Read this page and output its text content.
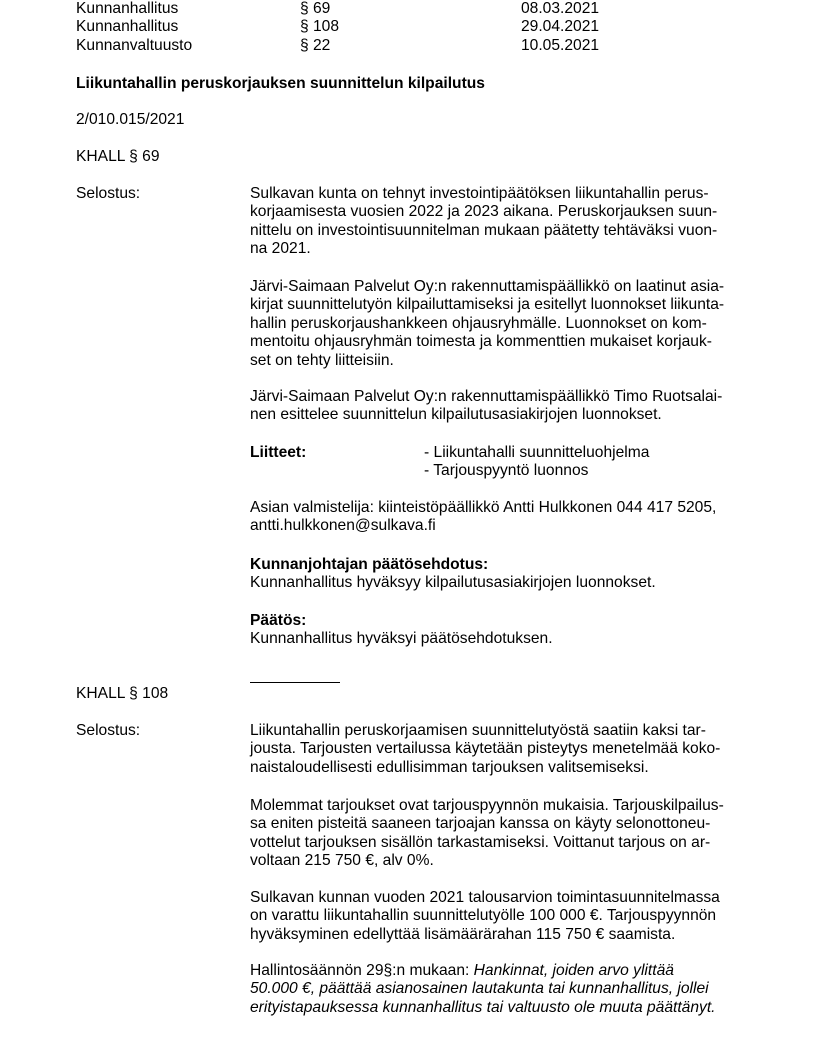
Kunnanhallitus	§ 69	08.03.2021
Kunnanhallitus	§ 108	29.04.2021
Kunnanvaltuusto	§ 22	10.05.2021
Liikuntahallin peruskorjauksen suunnittelun kilpailutus
2/010.015/2021
KHALL § 69
Selostus:	Sulkavan kunta on tehnyt investointipäätöksen liikuntahallin perus-
korjaamisesta vuosien 2022 ja 2023 aikana. Peruskorjauksen suun-
nittelu on investointisuunnitelman mukaan päätetty tehtäväksi vuon-
na 2021.
Järvi-Saimaan Palvelut Oy:n rakennuttamispäällikkö on laatinut asia-
kirjat suunnittelutyön kilpailuttamiseksi ja esitellyt luonnokset liikunta-
hallin peruskorjaushankkeen ohjausryhmälle. Luonnokset on kom-
mentoitu ohjausryhmän toimesta ja kommenttien mukaiset korjauk-
set on tehty liitteisiin.
Järvi-Saimaan Palvelut Oy:n rakennuttamispäällikkö Timo Ruotsalai-
nen esittelee suunnittelun kilpailutusasiakirjojen luonnokset.
Liitteet:	- Liikuntahalli suunnitteluohjelma
- Tarjouspyyntö luonnos
Asian valmistelija: kiinteistöpäällikkö Antti Hulkkonen 044 417 5205,
antti.hulkkonen@sulkava.fi
Kunnanjohtajan päätösehdotus:
Kunnanhallitus hyväksyy kilpailutusasiakirjojen luonnokset.
Päätös:
Kunnanhallitus hyväksyi päätösehdotuksen.
KHALL § 108
Selostus:	Liikuntahallin peruskorjaamisen suunnittelutyöstä saatiin kaksi tar-
jousta. Tarjousten vertailussa käytetään pisteytys menetelmää koko-
naistaloudellisesti edullisimman tarjouksen valitsemiseksi.
Molemmat tarjoukset ovat tarjouspyynnön mukaisia. Tarjouskilpailus-
sa eniten pisteitä saaneen tarjoajan kanssa on käyty selonottoneu-
vottelut tarjouksen sisällön tarkastamiseksi. Voittanut tarjous on ar-
voltaan 215 750 €, alv 0%.
Sulkavan kunnan vuoden 2021 talousarvion toimintasuunnitelmassa
on varattu liikuntahallin suunnittelutyölle 100 000 €. Tarjouspyynnön
hyväksyminen edellyttää lisämäärärahan 115 750 € saamista.
Hallintosäännön 29§:n mukaan: Hankinnat, joiden arvo ylittää
50.000 €, päättää asianosainen lautakunta tai kunnanhallitus, jollei
erityistapauksessa kunnanhallitus tai valtuusto ole muuta päättänyt.
